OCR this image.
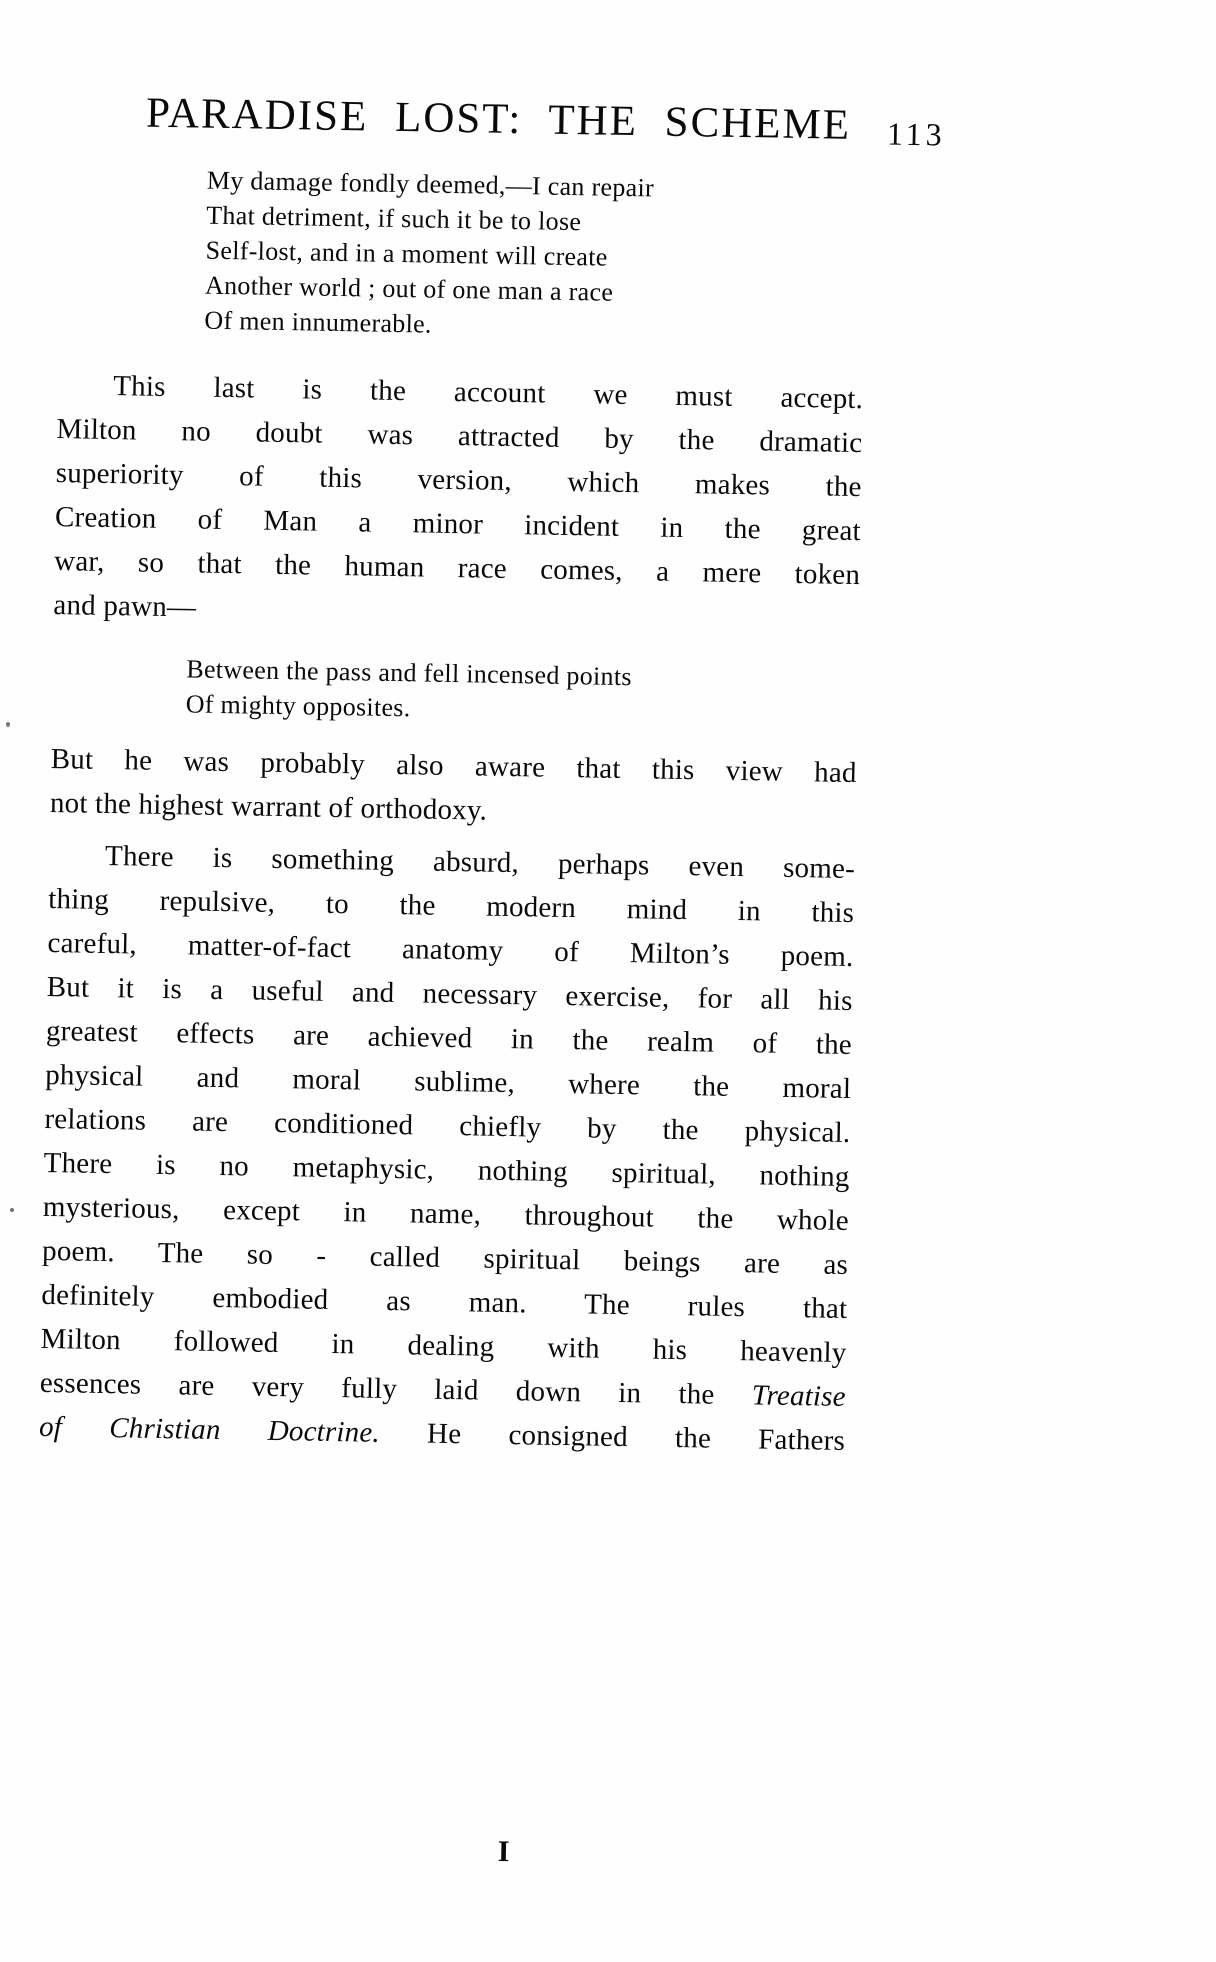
PARADISE LOST: THE SCHEME 113
My damage fondly deemed,—I can repair
That detriment, if such it be to lose
Self-lost, and in a moment will create
Another world ; out of one man a race
Of men innumerable.
This last is the account we must accept.
Milton no doubt was attracted by the dramatic
superiority of this version, which makes the
Creation of Man a minor incident in the great
war, so that the human race comes, a mere token
and pawn—
Between the pass and fell incensed points
Of mighty opposites.
But he was probably also aware that this view had
not the highest warrant of orthodoxy.
There is something absurd, perhaps even some-
thing repulsive, to the modern mind in this
careful, matter-of-fact anatomy of Milton’s poem.
But it is a useful and necessary exercise, for all his
greatest effects are achieved in the realm of the
physical and moral sublime, where the moral
relations are conditioned chiefly by the physical.
There is no metaphysic, nothing spiritual, nothing
mysterious, except in name, throughout the whole
poem. The so - called spiritual beings are as
definitely embodied as man. The rules that
Milton followed in dealing with his heavenly
essences are very fully laid down in the Treatise
of Christian Doctrine. He consigned the Fathers
I
